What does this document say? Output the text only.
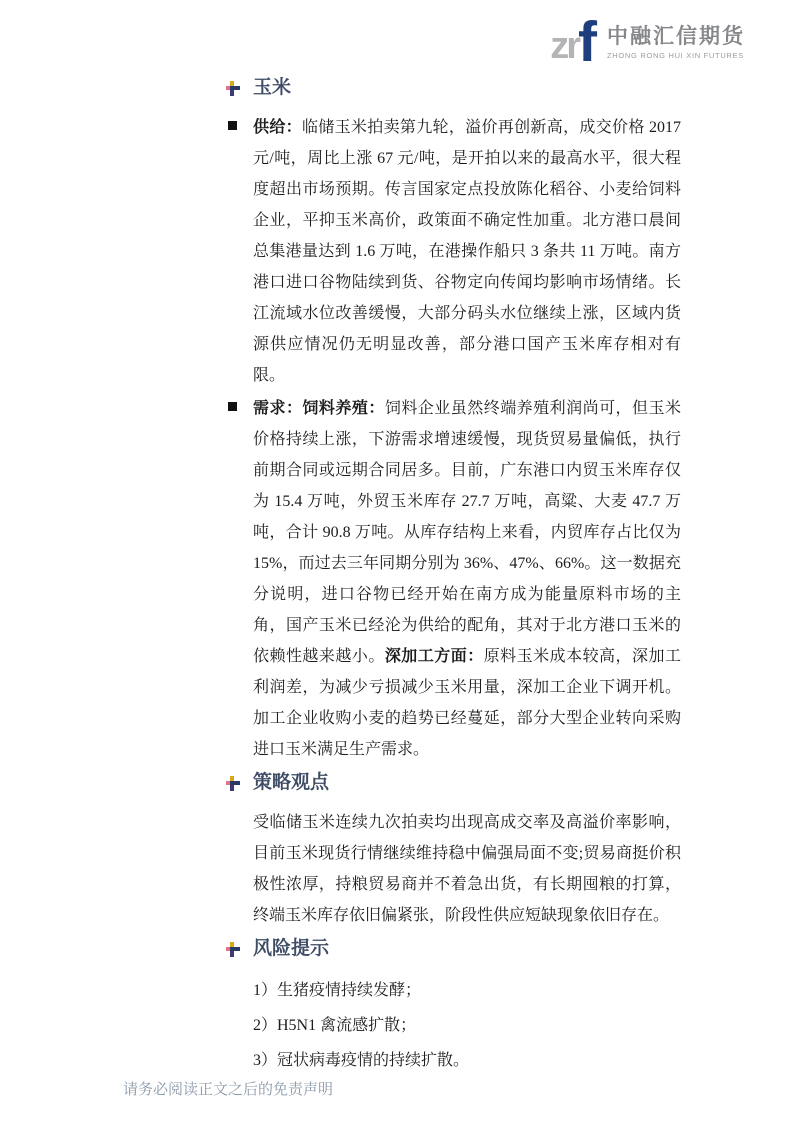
zr f 中融汇信期货
ZHONG RONG HUI XIN FUTURES
玉米

供给：临储玉米拍卖第九轮，溢价再创新高，成交价格 2017 元/吨，周比上涨 67 元/吨，是开拍以来的最高水平，很大程度超出市场预期。传言国家定点投放陈化稻谷、小麦给饲料企业，平抑玉米高价，政策面不确定性加重。北方港口晨间总集港量达到 1.6 万吨，在港操作船只 3 条共 11 万吨。南方港口进口谷物陆续到货、谷物定向传闻均影响市场情绪。长江流域水位改善缓慢，大部分码头水位继续上涨，区域内货源供应情况仍无明显改善，部分港口国产玉米库存相对有限。

需求：饲料养殖：饲料企业虽然终端养殖利润尚可，但玉米价格持续上涨，下游需求增速缓慢，现货贸易量偏低，执行前期合同或远期合同居多。目前，广东港口内贸玉米库存仅为 15.4 万吨，外贸玉米库存 27.7 万吨，高粱、大麦 47.7 万吨，合计 90.8 万吨。从库存结构上来看，内贸库存占比仅为 15%，而过去三年同期分别为 36%、47%、66%。这一数据充分说明，进口谷物已经开始在南方成为能量原料市场的主角，国产玉米已经沦为供给的配角，其对于北方港口玉米的依赖性越来越小。深加工方面：原料玉米成本较高，深加工利润差，为减少亏损减少玉米用量，深加工企业下调开机。加工企业收购小麦的趋势已经蔓延，部分大型企业转向采购进口玉米满足生产需求。

策略观点

受临储玉米连续九次拍卖均出现高成交率及高溢价率影响，目前玉米现货行情继续维持稳中偏强局面不变;贸易商挺价积极性浓厚，持粮贸易商并不着急出货，有长期囤粮的打算，终端玉米库存依旧偏紧张，阶段性供应短缺现象依旧存在。

风险提示
1）生猪疫情持续发酵；
2）H5N1 禽流感扩散；
3）冠状病毒疫情的持续扩散。
请务必阅读正文之后的免责声明
